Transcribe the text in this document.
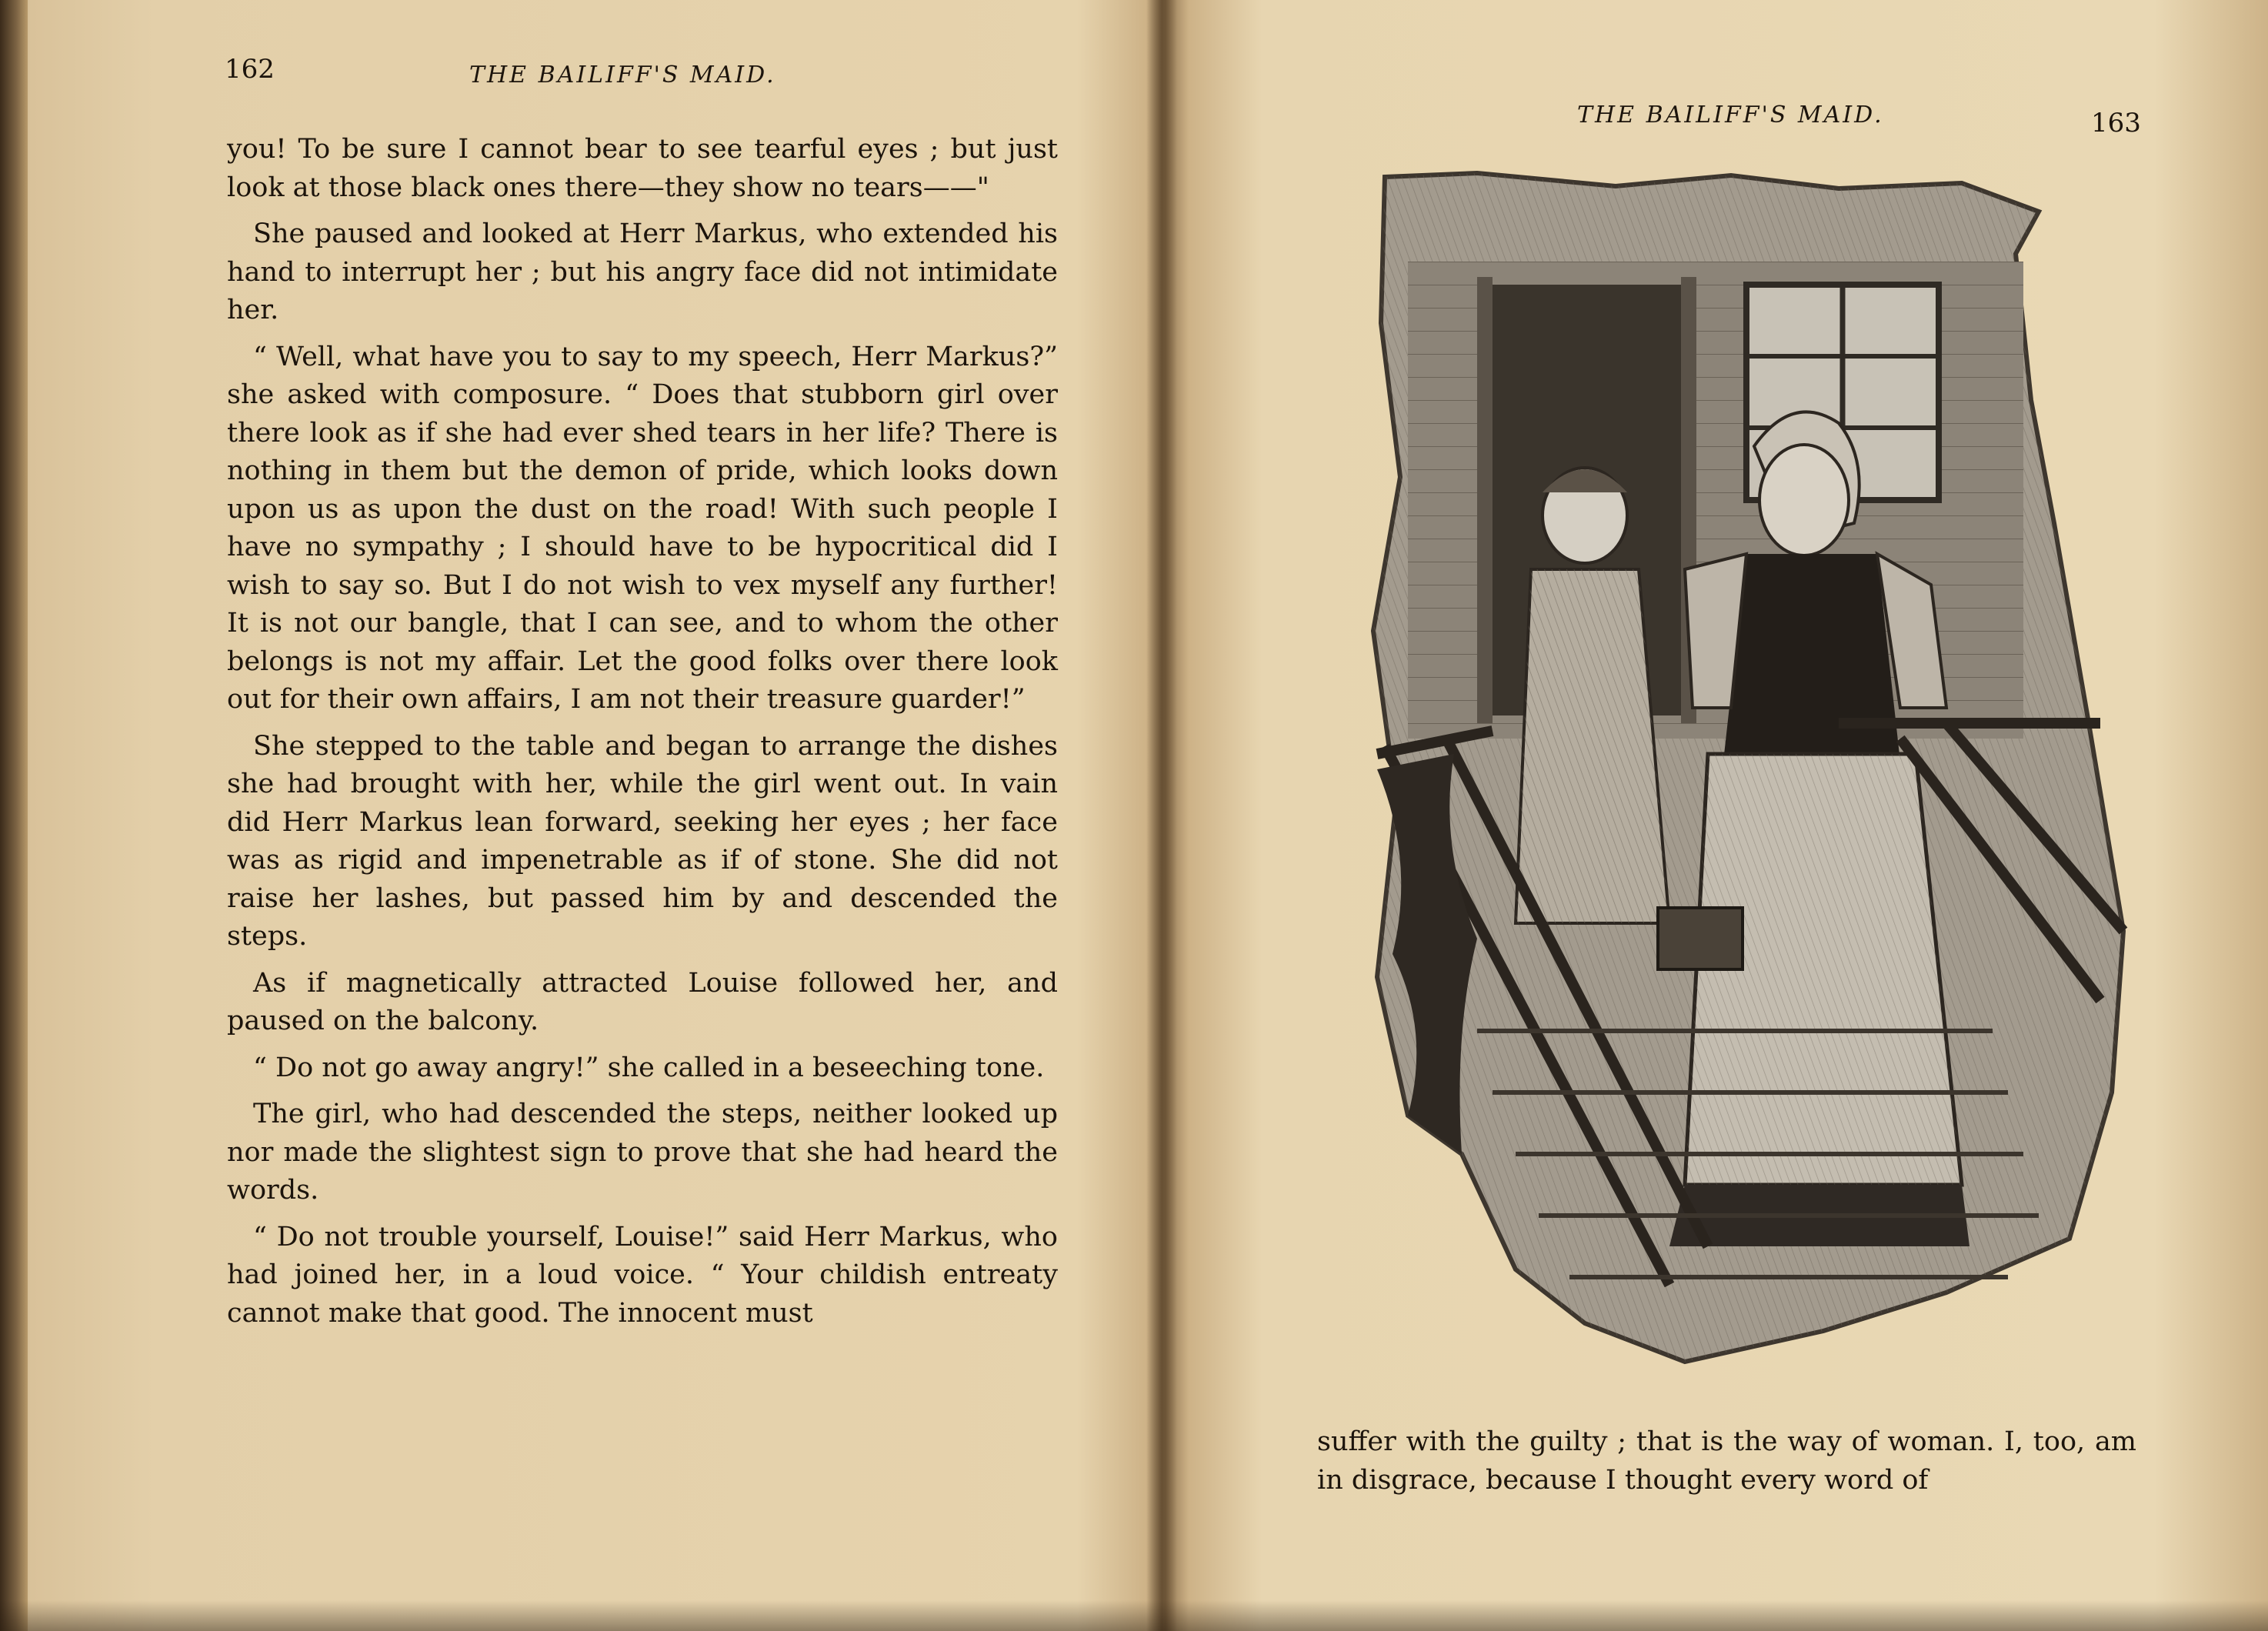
162	THE BAILIFF'S MAID.

you! To be sure I cannot bear to see tearful eyes ; but just look at those black ones there—they show no tears——"

She paused and looked at Herr Markus, who extended his hand to interrupt her ; but his angry face did not intimidate her.

“ Well, what have you to say to my speech, Herr Markus?” she asked with composure. “ Does that stubborn girl over there look as if she had ever shed tears in her life? There is nothing in them but the demon of pride, which looks down upon us as upon the dust on the road! With such people I have no sympathy ; I should have to be hypocritical did I wish to say so. But I do not wish to vex myself any further! It is not our bangle, that I can see, and to whom the other belongs is not my affair. Let the good folks over there look out for their own affairs, I am not their treasure guarder!”

She stepped to the table and began to arrange the dishes she had brought with her, while the girl went out. In vain did Herr Markus lean forward, seeking her eyes ; her face was as rigid and impenetrable as if of stone. She did not raise her lashes, but passed him by and descended the steps.

As if magnetically attracted Louise followed her, and paused on the balcony.

“ Do not go away angry!” she called in a beseeching tone.

The girl, who had descended the steps, neither looked up nor made the slightest sign to prove that she had heard the words.

“ Do not trouble yourself, Louise!” said Herr Markus, who had joined her, in a loud voice. “ Your childish entreaty cannot make that good. The innocent must

THE BAILIFF'S MAID.	163

suffer with the guilty ; that is the way of woman. I, too, am in disgrace, because I thought every word of
